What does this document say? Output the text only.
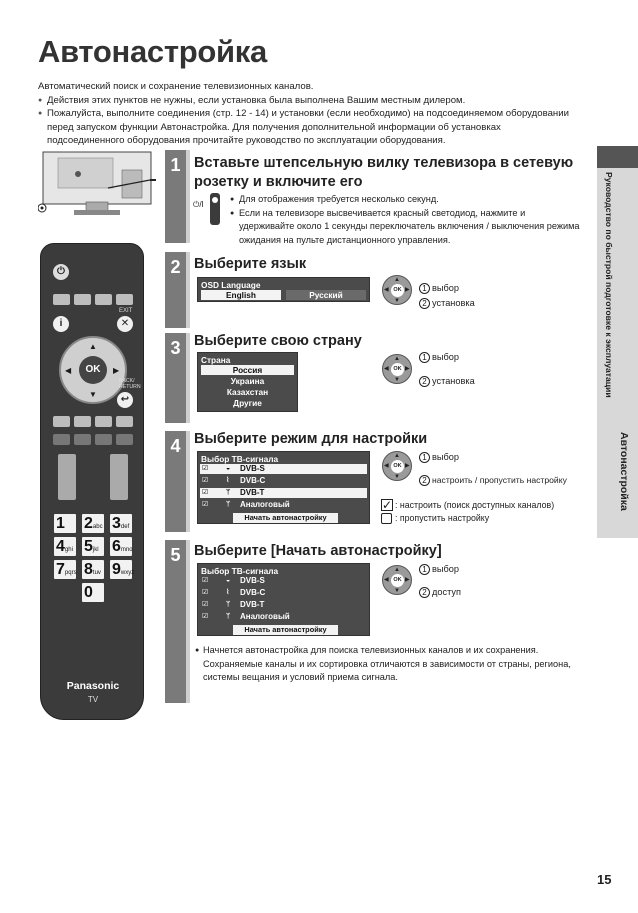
Автонастройка
Автоматический поиск и сохранение телевизионных каналов.
● Действия этих пунктов не нужны, если установка была выполнена Вашим местным дилером.
● Пожалуйста, выполните соединения (стр. 12 - 14) и установки (если необходимо) на подсоединяемом оборудовании перед запуском функции Автонастройка. Для получения дополнительной информации об установках подсоединенного оборудования прочитайте руководство по эксплуатации оборудования.
Руководство по быстрой подготовке к эксплуатации
Автонастройка
⏻
EXIT
i	✕
OK
▲
▼
◀	▶
BACK/ RETURN
↩
1	2abc 3def
4ghi 5jkl 6mno
7pqrs 8tuv 9wxyz
0
Panasonic
TV
1
2
3
4
5
Вставьте штепсельную вилку телевизора в сетевую розетку и включите его
⏻/I
● Для отображения требуется несколько секунд.
● Если на телевизоре высвечивается красный светодиод, нажмите и удерживайте около 1 секунды переключатель включения / выключения режима ожидания на пульте дистанционного управления.
Выберите язык
OSD Language
English	Русский	OK
▲
▼
◀	▶	1 выбор
2 установка
Выберите свою страну
Страна
Россия
Украина
Казахстан
Другие
OK
▲
▼
◀	▶
1 выбор
2 установка
Выберите режим для настройки
Выбор ТВ-сигнала
☑	◒ DVB-S
☑	⌇ DVB-C
☑	ᛘ DVB-T
☑	ᛘ Аналоговый
Начать автонастройку
OK
▲
▼
◀	▶
1 выбор
2 настроить / пропустить настройку
✓ : настроить (поиск доступных каналов)
: пропустить настройку
Выберите [Начать автонастройку]
Выбор ТВ-сигнала
☑	◒ DVB-S
☑	⌇ DVB-C
☑	ᛘ DVB-T
☑	ᛘ Аналоговый
Начать автонастройку
OK
▲
▼
◀	▶
1 выбор
2 доступ
● Начнется автонастройка для поиска телевизионных каналов и их сохранения. Сохраняемые каналы и их сортировка отличаются в зависимости от страны, региона, системы вещания и условий приема сигнала.
15
